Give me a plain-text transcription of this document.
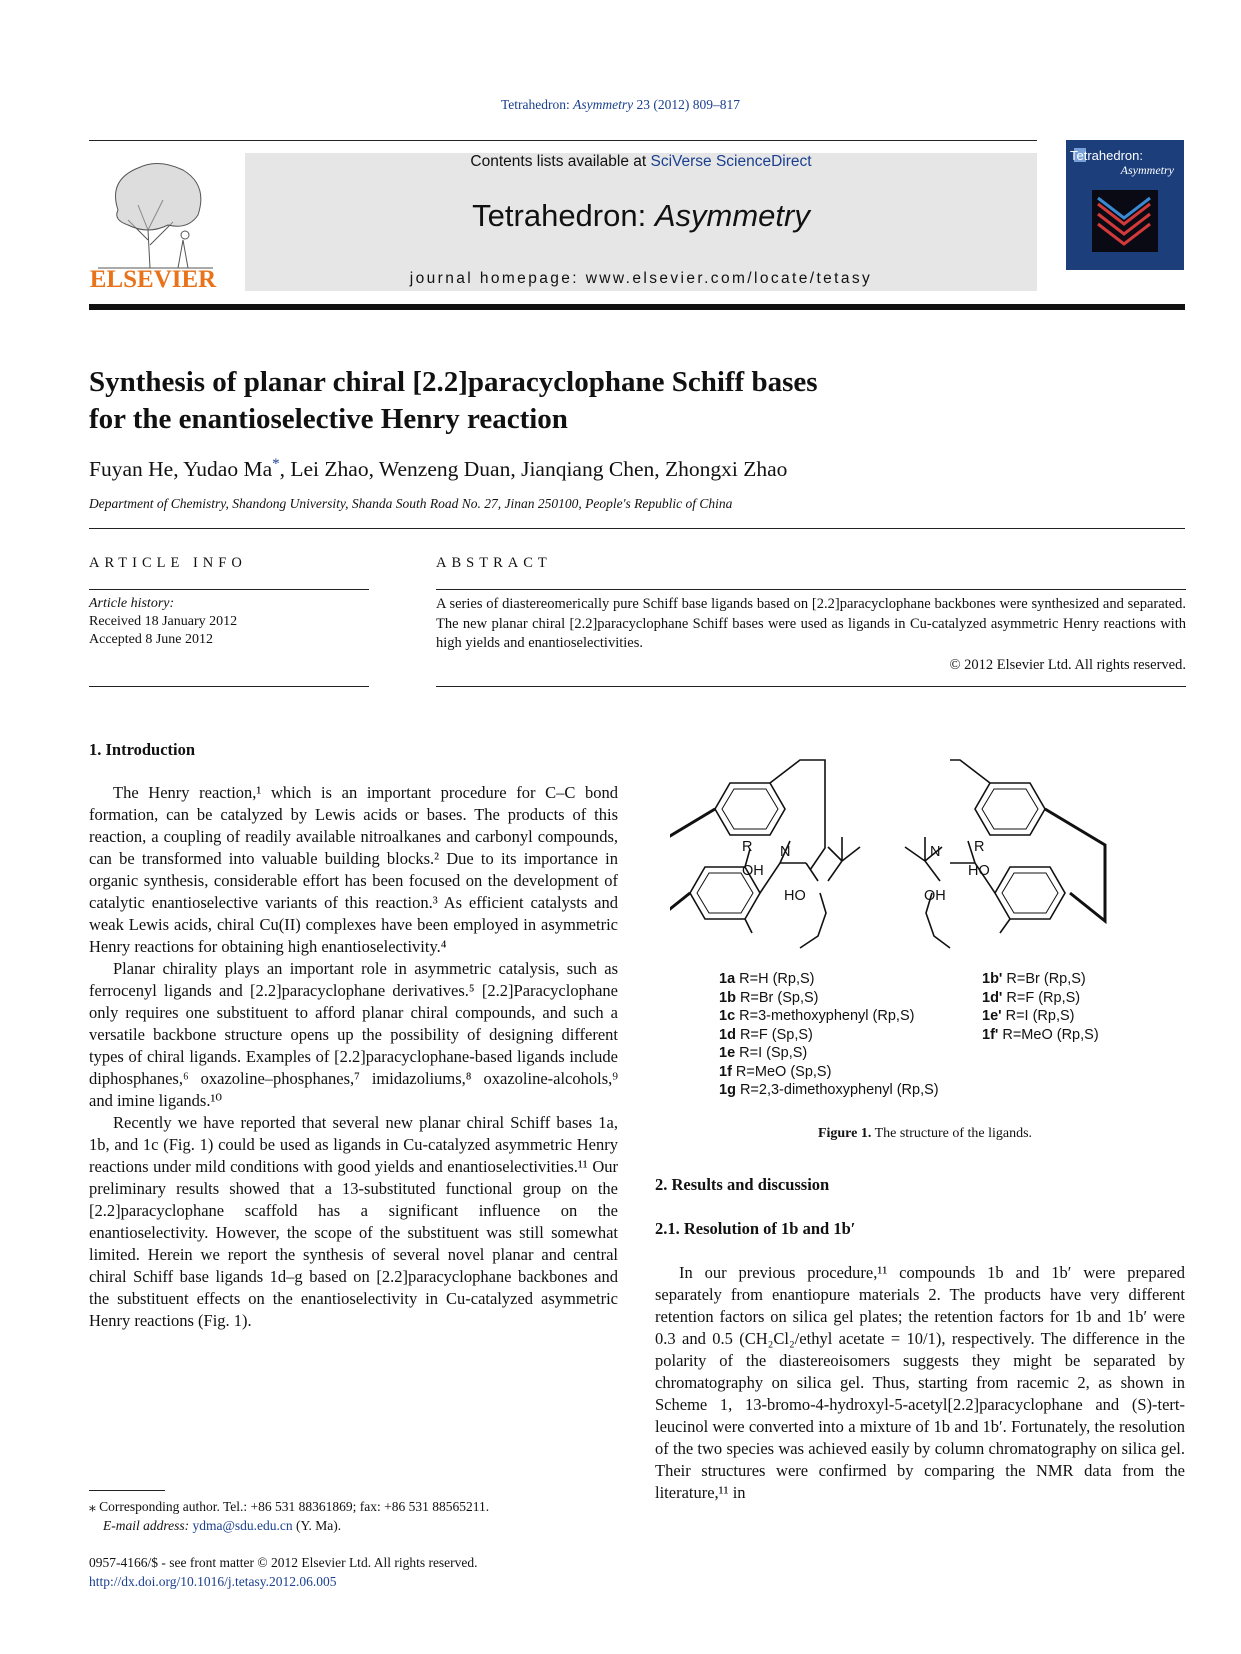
Tetrahedron: Asymmetry 23 (2012) 809–817
ELSEVIER
Contents lists available at SciVerse ScienceDirect
Tetrahedron: Asymmetry
journal homepage: www.elsevier.com/locate/tetasy
Tetrahedron:
Asymmetry
Synthesis of planar chiral [2.2]paracyclophane Schiff bases
for the enantioselective Henry reaction
Fuyan He, Yudao Ma*, Lei Zhao, Wenzeng Duan, Jianqiang Chen, Zhongxi Zhao
Department of Chemistry, Shandong University, Shanda South Road No. 27, Jinan 250100, People's Republic of China
ARTICLE INFO
Article history:
Received 18 January 2012
Accepted 8 June 2012
ABSTRACT
A series of diastereomerically pure Schiff base ligands based on [2.2]paracyclophane backbones were synthesized and separated. The new planar chiral [2.2]paracyclophane Schiff bases were used as ligands in Cu-catalyzed asymmetric Henry reactions with high yields and enantioselectivities.
© 2012 Elsevier Ltd. All rights reserved.
1. Introduction

The Henry reaction,¹ which is an important procedure for C–C bond formation, can be catalyzed by Lewis acids or bases. The products of this reaction, a coupling of readily available nitroalkanes and carbonyl compounds, can be transformed into valuable building blocks.² Due to its importance in organic synthesis, considerable effort has been focused on the development of catalytic enantioselective variants of this reaction.³ As efficient catalysts and weak Lewis acids, chiral Cu(II) complexes have been employed in asymmetric Henry reactions for obtaining high enantioselectivity.⁴

Planar chirality plays an important role in asymmetric catalysis, such as ferrocenyl ligands and [2.2]paracyclophane derivatives.⁵ [2.2]Paracyclophane only requires one substituent to afford planar chiral compounds, and such a versatile backbone structure opens up the possibility of designing different types of chiral ligands. Examples of [2.2]paracyclophane-based ligands include diphosphanes,⁶ oxazoline–phosphanes,⁷ imidazoliums,⁸ oxazoline-alcohols,⁹ and imine ligands.¹⁰

Recently we have reported that several new planar chiral Schiff bases 1a, 1b, and 1c (Fig. 1) could be used as ligands in Cu-catalyzed asymmetric Henry reactions under mild conditions with good yields and enantioselectivities.¹¹ Our preliminary results showed that a 13-substituted functional group on the [2.2]paracyclophane scaffold has a significant influence on the enantioselectivity. However, the scope of the substituent was still somewhat limited. Herein we report the synthesis of several novel planar and central chiral Schiff base ligands 1d–g based on [2.2]paracyclophane backbones and the substituent effects on the enantioselectivity in Cu-catalyzed asymmetric Henry reactions (Fig. 1).

⁎ Corresponding author. Tel.: +86 531 88361869; fax: +86 531 88565211.
E-mail address: ydma@sdu.edu.cn (Y. Ma).
0957-4166/$ - see front matter © 2012 Elsevier Ltd. All rights reserved.
http://dx.doi.org/10.1016/j.tetasy.2012.06.005
R N
OH
HO
R
N
HO
OH
1a R=H (Rp,S)
1b R=Br (Sp,S)
1c R=3-methoxyphenyl (Rp,S)
1d R=F (Sp,S)
1e R=I (Sp,S)
1f R=MeO (Sp,S)
1g R=2,3-dimethoxyphenyl (Rp,S)
1b' R=Br (Rp,S)
1d' R=F (Rp,S)
1e' R=I (Rp,S)
1f' R=MeO (Rp,S)
Figure 1. The structure of the ligands.
2. Results and discussion
2.1. Resolution of 1b and 1b′

In our previous procedure,¹¹ compounds 1b and 1b′ were prepared separately from enantiopure materials 2. The products have very different retention factors on silica gel plates; the retention factors for 1b and 1b′ were 0.3 and 0.5 (CH₂Cl₂/ethyl acetate = 10/1), respectively. The difference in the polarity of the diastereoisomers suggests they might be separated by chromatography on silica gel. Thus, starting from racemic 2, as shown in Scheme 1, 13-bromo-4-hydroxyl-5-acetyl[2.2]paracyclophane and (S)-tert-leucinol were converted into a mixture of 1b and 1b′. Fortunately, the resolution of the two species was achieved easily by column chromatography on silica gel. Their structures were confirmed by comparing the NMR data from the literature,¹¹ in
